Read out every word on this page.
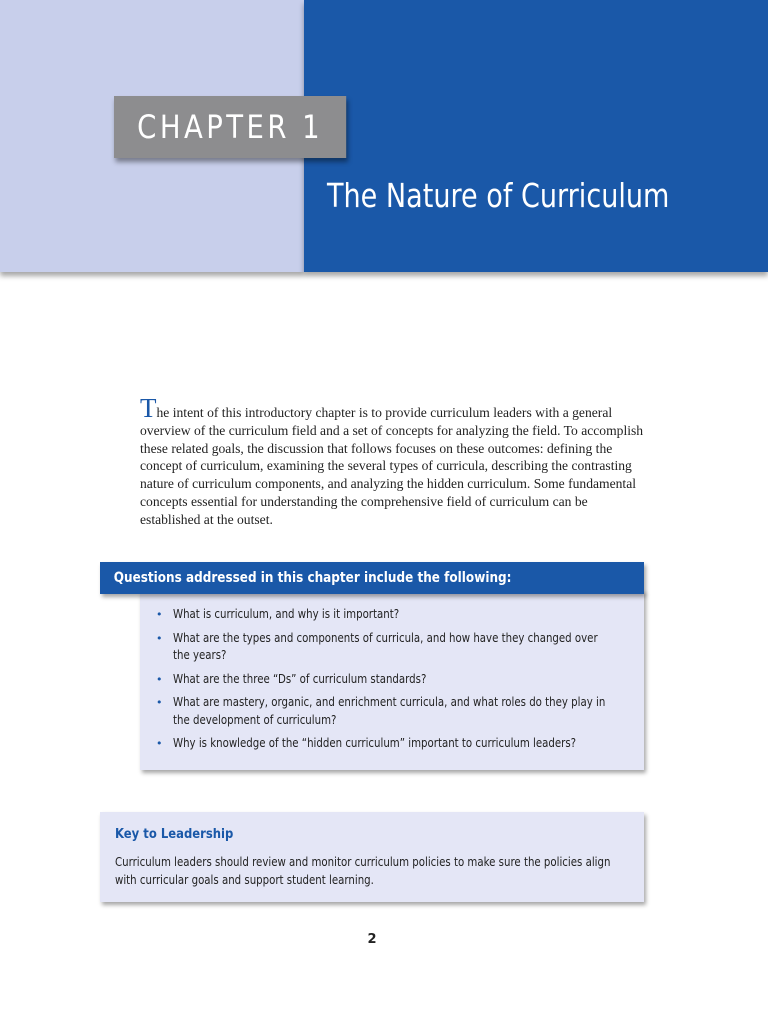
CHAPTER 1
The Nature of Curriculum

The intent of this introductory chapter is to provide curriculum leaders with a general overview of the curriculum field and a set of concepts for analyzing the field. To accomplish these related goals, the discussion that follows focuses on these outcomes: defining the concept of curriculum, examining the several types of curricula, describing the contrasting nature of curriculum components, and analyzing the hidden curriculum. Some fundamental concepts essential for understanding the comprehensive field of curriculum can be established at the outset.

Questions addressed in this chapter include the following:
• What is curriculum, and why is it important?
• What are the types and components of curricula, and how have they changed over the years?
• What are the three “Ds” of curriculum standards?
• What are mastery, organic, and enrichment curricula, and what roles do they play in the development of curriculum?
• Why is knowledge of the “hidden curriculum” important to curriculum leaders?
Key to Leadership

Curriculum leaders should review and monitor curriculum policies to make sure the policies align with curricular goals and support student learning.

2
